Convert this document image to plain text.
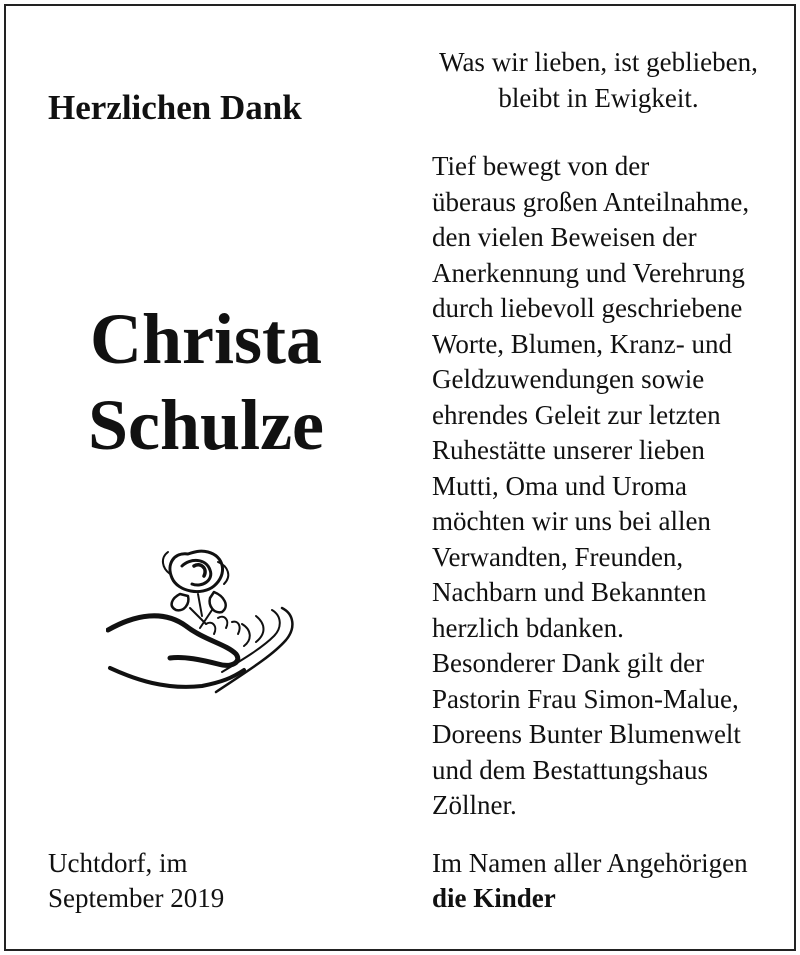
Herzlichen Dank
Christa
Schulze

Uchtdorf, im
September 2019

Was wir lieben, ist geblieben,
bleibt in Ewigkeit.

Tief bewegt von der
überaus großen Anteilnahme,
den vielen Beweisen der
Anerkennung und Verehrung
durch liebevoll geschriebene
Worte, Blumen, Kranz- und
Geldzuwendungen sowie
ehrendes Geleit zur letzten
Ruhestätte unserer lieben
Mutti, Oma und Uroma
möchten wir uns bei allen
Verwandten, Freunden,
Nachbarn und Bekannten
herzlich bdanken.
Besonderer Dank gilt der
Pastorin Frau Simon-Malue,
Doreens Bunter Blumenwelt
und dem Bestattungshaus
Zöllner.

Im Namen aller Angehörigen
die Kinder
